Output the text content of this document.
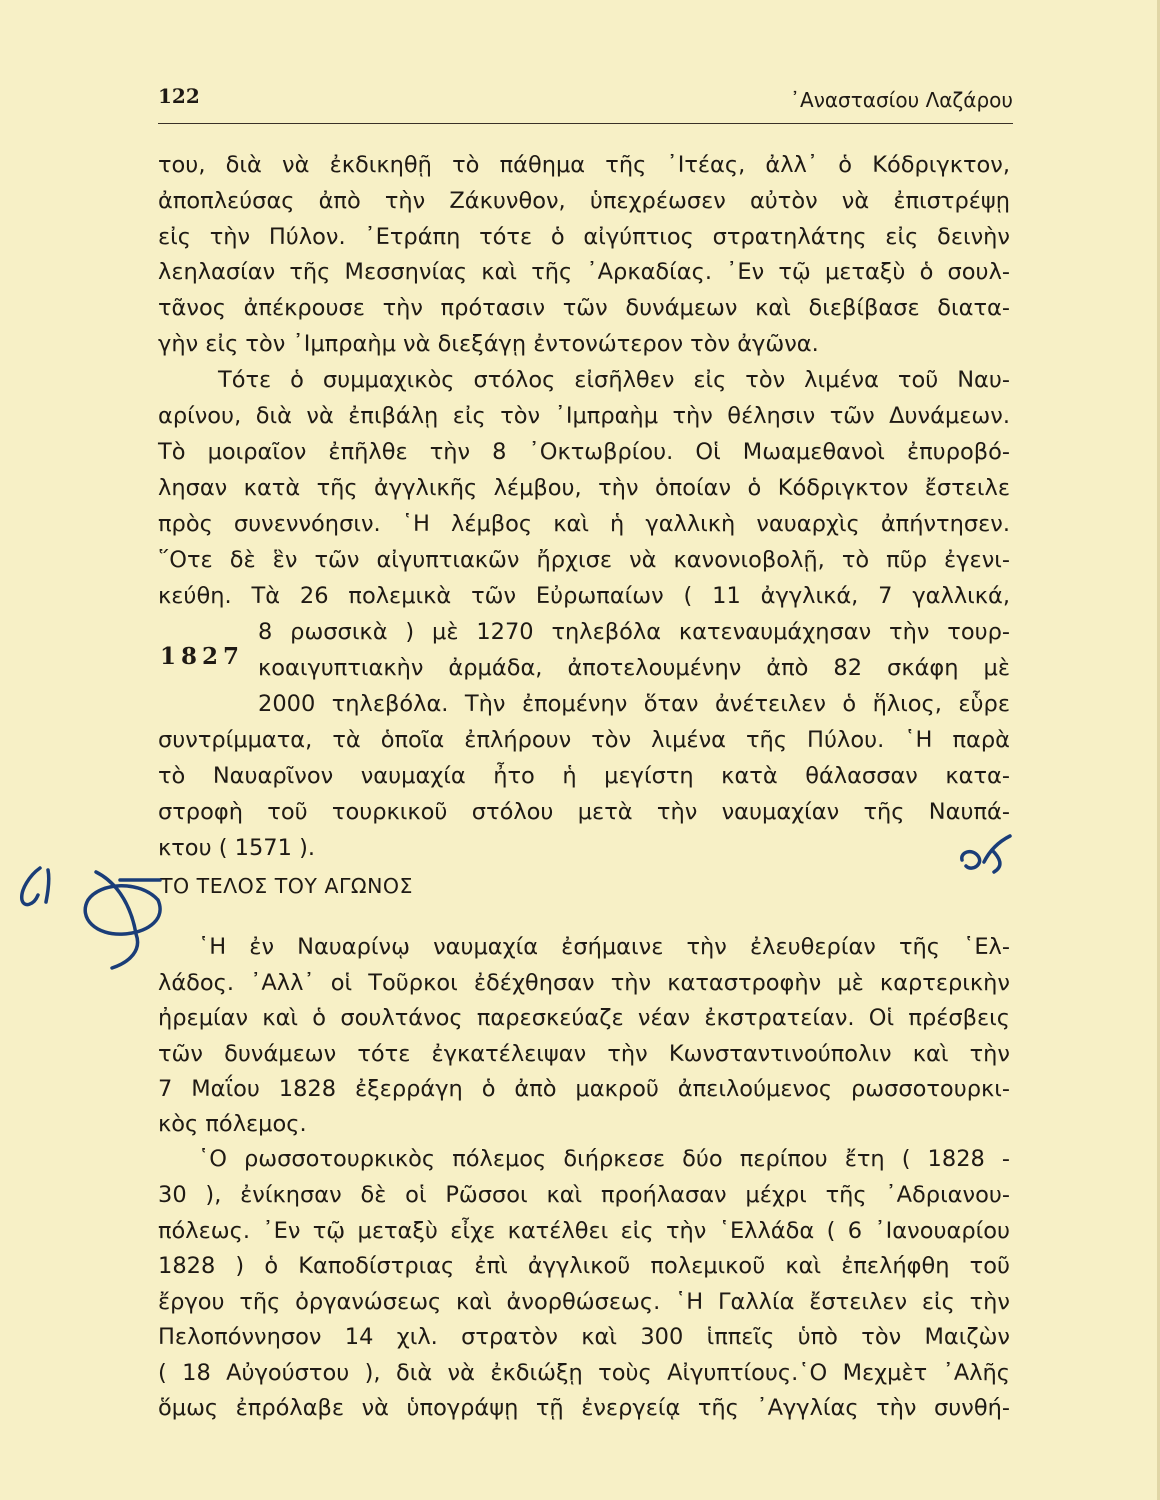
122	᾿Αναστασίου Λαζάρου
του, διὰ νὰ ἐκδικηθῇ τὸ πάθημα τῆς ᾿Ιτέας, ἀλλ᾿ ὁ Κόδριγκτον,
ἀποπλεύσας ἀπὸ τὴν Ζάκυνθον, ὑπεχρέωσεν αὐτὸν νὰ ἐπιστρέψῃ
εἰς τὴν Πύλον. ᾿Ετράπη τότε ὁ αἰγύπτιος στρατηλάτης εἰς δεινὴν
λεηλασίαν τῆς Μεσσηνίας καὶ τῆς ᾿Αρκαδίας. ᾿Εν τῷ μεταξὺ ὁ σουλ-
τᾶνος ἀπέκρουσε τὴν πρότασιν τῶν δυνάμεων καὶ διεβίβασε διατα-
γὴν εἰς τὸν ᾿Ιμπραὴμ νὰ διεξάγῃ ἐντονώτερον τὸν ἀγῶνα.
Τότε ὁ συμμαχικὸς στόλος εἰσῆλθεν εἰς τὸν λιμένα τοῦ Ναυ-
αρίνου, διὰ νὰ ἐπιβάλῃ εἰς τὸν ᾿Ιμπραὴμ τὴν θέλησιν τῶν Δυνάμεων.
Τὸ μοιραῖον ἐπῆλθε τὴν 8 ᾿Οκτωβρίου. Οἱ Μωαμεθανοὶ ἐπυροβό-
λησαν κατὰ τῆς ἀγγλικῆς λέμβου, τὴν ὁποίαν ὁ Κόδριγκτον ἔστειλε
πρὸς συνεννόησιν. ῾Η λέμβος καὶ ἡ γαλλικὴ ναυαρχὶς ἀπήντησεν.
῞Οτε δὲ ἓν τῶν αἰγυπτιακῶν ἤρχισε νὰ κανονιοβολῇ, τὸ πῦρ ἐγενι-
κεύθη. Τὰ 26 πολεμικὰ τῶν Εὐρωπαίων ( 11 ἀγγλικά, 7 γαλλικά,
8 ρωσσικὰ ) μὲ 1270 τηλεβόλα κατεναυμάχησαν τὴν τουρ-
1827 κοαιγυπτιακὴν ἀρμάδα, ἀποτελουμένην ἀπὸ 82 σκάφη μὲ
2000 τηλεβόλα. Τὴν ἐπομένην ὅταν ἀνέτειλεν ὁ ἥλιος, εὗρε
συντρίμματα, τὰ ὁποῖα ἐπλήρουν τὸν λιμένα τῆς Πύλου. ῾Η παρὰ
τὸ Ναυαρῖνον ναυμαχία ἦτο ἡ μεγίστη κατὰ θάλασσαν κατα-
στροφὴ τοῦ τουρκικοῦ στόλου μετὰ τὴν ναυμαχίαν τῆς Ναυπά-
κτου ( 1571 ).
ΤΟ ΤΕΛΟΣ ΤΟΥ ΑΓΩΝΟΣ
῾Η ἐν Ναυαρίνῳ ναυμαχία ἐσήμαινε τὴν ἐλευθερίαν τῆς ῾Ελ-
λάδος. ᾿Αλλ᾿ οἱ Τοῦρκοι ἐδέχθησαν τὴν καταστροφὴν μὲ καρτερικὴν
ἠρεμίαν καὶ ὁ σουλτάνος παρεσκεύαζε νέαν ἐκστρατείαν. Οἱ πρέσβεις
τῶν δυνάμεων τότε ἐγκατέλειψαν τὴν Κωνσταντινούπολιν καὶ τὴν
7 Μαΐου 1828 ἐξερράγη ὁ ἀπὸ μακροῦ ἀπειλούμενος ρωσσοτουρκι-
κὸς πόλεμος.
῾Ο ρωσσοτουρκικὸς πόλεμος διήρκεσε δύο περίπου ἔτη ( 1828 -
30 ), ἐνίκησαν δὲ οἱ Ρῶσσοι καὶ προήλασαν μέχρι τῆς ᾿Αδριανου-
πόλεως. ᾿Εν τῷ μεταξὺ εἶχε κατέλθει εἰς τὴν ῾Ελλάδα ( 6 ᾿Ιανουαρίου
1828 ) ὁ Καποδίστριας ἐπὶ ἀγγλικοῦ πολεμικοῦ καὶ ἐπελήφθη τοῦ
ἔργου τῆς ὀργανώσεως καὶ ἀνορθώσεως. ῾Η Γαλλία ἔστειλεν εἰς τὴν
Πελοπόννησον 14 χιλ. στρατὸν καὶ 300 ἱππεῖς ὑπὸ τὸν Μαιζὼν
( 18 Αὐγούστου ), διὰ νὰ ἐκδιώξῃ τοὺς Αἰγυπτίους.῾Ο Μεχμὲτ ᾿Αλῆς
ὅμως ἐπρόλαβε νὰ ὑπογράψῃ τῇ ἐνεργείᾳ τῆς ᾿Αγγλίας τὴν συνθή-
